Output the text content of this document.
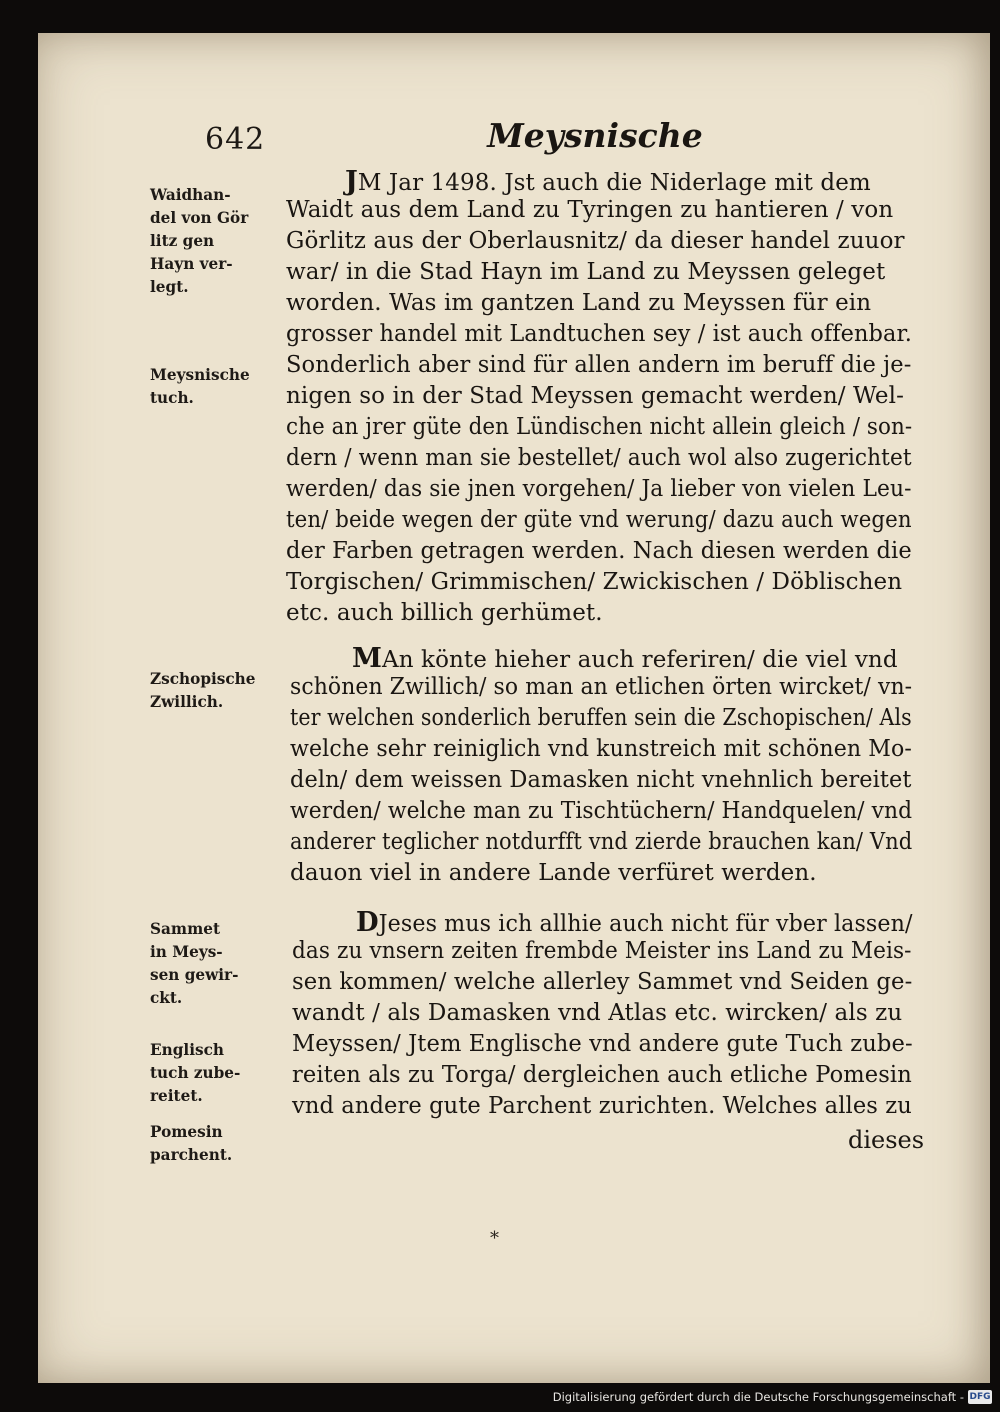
642	Meysnische
Waidhan-
del von Gör
litz gen
Hayn ver-
legt.
Meysnische
tuch.
Zschopische
Zwillich.
Sammet
in Meys-
sen gewir-
ckt.
Englisch
tuch zube-
reitet.
Pomesin
parchent.
JM Jar 1498. Jst auch die Niderlage mit dem
Waidt aus dem Land zu Tyringen zu hantieren / von
Görlitz aus der Oberlausnitz/ da dieser handel zuuor
war/ in die Stad Hayn im Land zu Meyssen geleget
worden. Was im gantzen Land zu Meyssen für ein
grosser handel mit Landtuchen sey / ist auch offenbar.
Sonderlich aber sind für allen andern im beruff die je-
nigen so in der Stad Meyssen gemacht werden/ Wel-
che an jrer güte den Lündischen nicht allein gleich / son-
dern / wenn man sie bestellet/ auch wol also zugerichtet
werden/ das sie jnen vorgehen/ Ja lieber von vielen Leu-
ten/ beide wegen der güte vnd werung/ dazu auch wegen
der Farben getragen werden. Nach diesen werden die
Torgischen/ Grimmischen/ Zwickischen / Döblischen
etc. auch billich gerhümet.
MAn könte hieher auch referiren/ die viel vnd
schönen Zwillich/ so man an etlichen örten wircket/ vn-
ter welchen sonderlich beruffen sein die Zschopischen/ Als
welche sehr reiniglich vnd kunstreich mit schönen Mo-
deln/ dem weissen Damasken nicht vnehnlich bereitet
werden/ welche man zu Tischtüchern/ Handquelen/ vnd
anderer teglicher notdurfft vnd zierde brauchen kan/ Vnd
dauon viel in andere Lande verfüret werden.
DJeses mus ich allhie auch nicht für vber lassen/
das zu vnsern zeiten frembde Meister ins Land zu Meis-
sen kommen/ welche allerley Sammet vnd Seiden ge-
wandt / als Damasken vnd Atlas etc. wircken/ als zu
Meyssen/ Jtem Englische vnd andere gute Tuch zube-
reiten als zu Torga/ dergleichen auch etliche Pomesin
vnd andere gute Parchent zurichten. Welches alles zu
dieses
*
Digitalisierung gefördert durch die Deutsche Forschungsgemeinschaft - DFG
